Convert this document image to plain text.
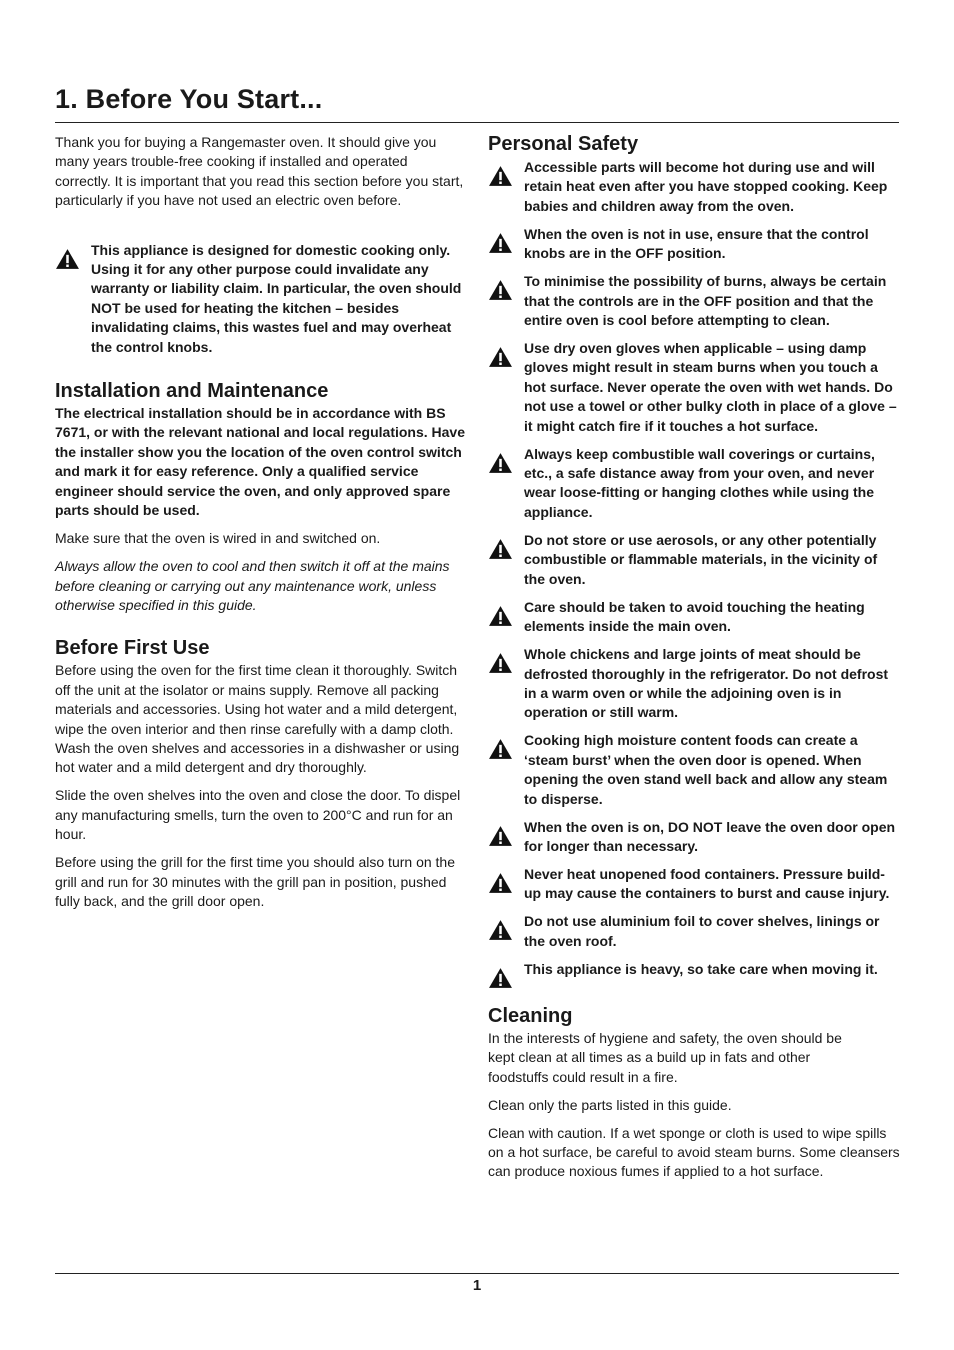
1. Before You Start...

Thank you for buying a Rangemaster oven. It should give you many years trouble-free cooking if installed and operated correctly. It is important that you read this section before you start, particularly if you have not used an electric oven before.

This appliance is designed for domestic cooking only. Using it for any other purpose could invalidate any warranty or liability claim. In particular, the oven should NOT be used for heating the kitchen – besides invalidating claims, this wastes fuel and may overheat the control knobs.

Installation and Maintenance

The electrical installation should be in accordance with BS 7671, or with the relevant national and local regulations. Have the installer show you the location of the oven control switch and mark it for easy reference. Only a qualified service engineer should service the oven, and only approved spare parts should be used.

Make sure that the oven is wired in and switched on.

Always allow the oven to cool and then switch it off at the mains before cleaning or carrying out any maintenance work, unless otherwise specified in this guide.

Before First Use

Before using the oven for the first time clean it thoroughly. Switch off the unit at the isolator or mains supply. Remove all packing materials and accessories. Using hot water and a mild detergent, wipe the oven interior and then rinse carefully with a damp cloth. Wash the oven shelves and accessories in a dishwasher or using hot water and a mild detergent and dry thoroughly.

Slide the oven shelves into the oven and close the door. To dispel any manufacturing smells, turn the oven to 200°C and run for an hour.

Before using the grill for the first time you should also turn on the grill and run for 30 minutes with the grill pan in position, pushed fully back, and the grill door open.

Personal Safety

Accessible parts will become hot during use and will retain heat even after you have stopped cooking. Keep babies and children away from the oven.

When the oven is not in use, ensure that the control knobs are in the OFF position.

To minimise the possibility of burns, always be certain that the controls are in the OFF position and that the entire oven is cool before attempting to clean.

Use dry oven gloves when applicable – using damp gloves might result in steam burns when you touch a hot surface. Never operate the oven with wet hands. Do not use a towel or other bulky cloth in place of a glove – it might catch fire if it touches a hot surface.

Always keep combustible wall coverings or curtains, etc., a safe distance away from your oven, and never wear loose-fitting or hanging clothes while using the appliance.

Do not store or use aerosols, or any other potentially combustible or flammable materials, in the vicinity of the oven.

Care should be taken to avoid touching the heating elements inside the main oven.

Whole chickens and large joints of meat should be defrosted thoroughly in the refrigerator. Do not defrost in a warm oven or while the adjoining oven is in operation or still warm.

Cooking high moisture content foods can create a ‘steam burst’ when the oven door is opened. When opening the oven stand well back and allow any steam to disperse.

When the oven is on, DO NOT leave the oven door open for longer than necessary.

Never heat unopened food containers. Pressure build-up may cause the containers to burst and cause injury.

Do not use aluminium foil to cover shelves, linings or the oven roof.

This appliance is heavy, so take care when moving it.

Cleaning

In the interests of hygiene and safety, the oven should be kept clean at all times as a build up in fats and other foodstuffs could result in a fire.

Clean only the parts listed in this guide.

Clean with caution. If a wet sponge or cloth is used to wipe spills on a hot surface, be careful to avoid steam burns. Some cleansers can produce noxious fumes if applied to a hot surface.

1
